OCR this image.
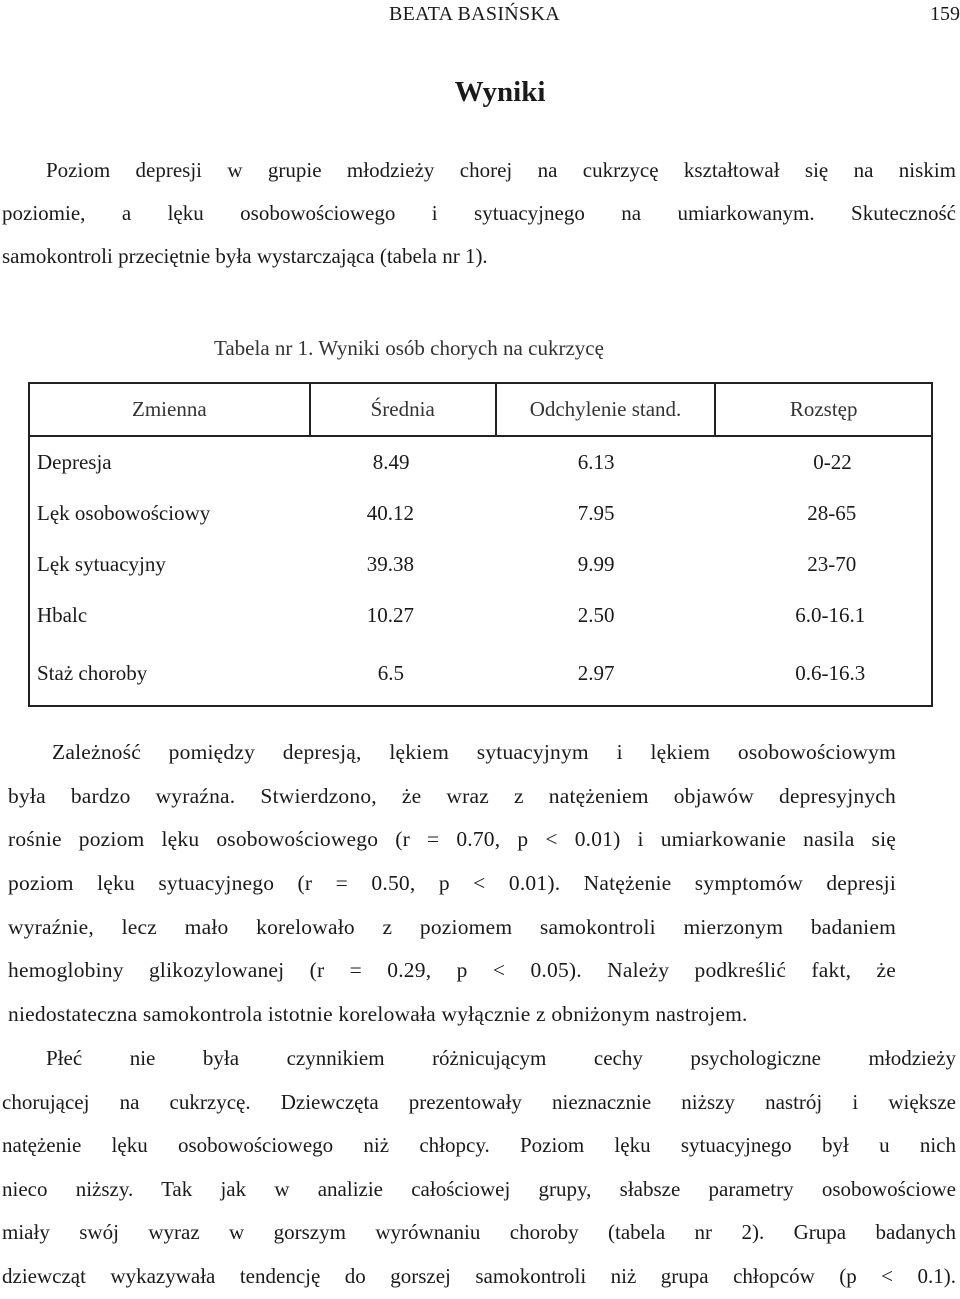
BEATA BASIŃSKA	159
Wyniki
Poziom depresji w grupie młodzieży chorej na cukrzycę kształtował się na niskim
poziomie, a lęku osobowościowego i sytuacyjnego na umiarkowanym. Skuteczność
samokontroli przeciętnie była wystarczająca (tabela nr 1).
Tabela nr 1. Wyniki osób chorych na cukrzycę
Zmienna	Średnia	Odchylenie stand.	Rozstęp
Depresja	8.49	6.13	0-22
Lęk osobowościowy	40.12	7.95	28-65
Lęk sytuacyjny	39.38	9.99	23-70
Hbalc	10.27	2.50	6.0-16.1
Staż choroby	6.5	2.97	0.6-16.3
Zależność pomiędzy depresją, lękiem sytuacyjnym i lękiem osobowościowym
była bardzo wyraźna. Stwierdzono, że wraz z natężeniem objawów depresyjnych
rośnie poziom lęku osobowościowego (r = 0.70, p < 0.01) i umiarkowanie nasila się
poziom lęku sytuacyjnego (r = 0.50, p < 0.01). Natężenie symptomów depresji
wyraźnie, lecz mało korelowało z poziomem samokontroli mierzonym badaniem
hemoglobiny glikozylowanej (r = 0.29, p < 0.05). Należy podkreślić fakt, że
niedostateczna samokontrola istotnie korelowała wyłącznie z obniżonym nastrojem.
Płeć nie była czynnikiem różnicującym cechy psychologiczne młodzieży
chorującej na cukrzycę. Dziewczęta prezentowały nieznacznie niższy nastrój i większe
natężenie lęku osobowościowego niż chłopcy. Poziom lęku sytuacyjnego był u nich
nieco niższy. Tak jak w analizie całościowej grupy, słabsze parametry osobowościowe
miały swój wyraz w gorszym wyrównaniu choroby (tabela nr 2). Grupa badanych
dziewcząt wykazywała tendencję do gorszej samokontroli niż grupa chłopców (p < 0.1).
